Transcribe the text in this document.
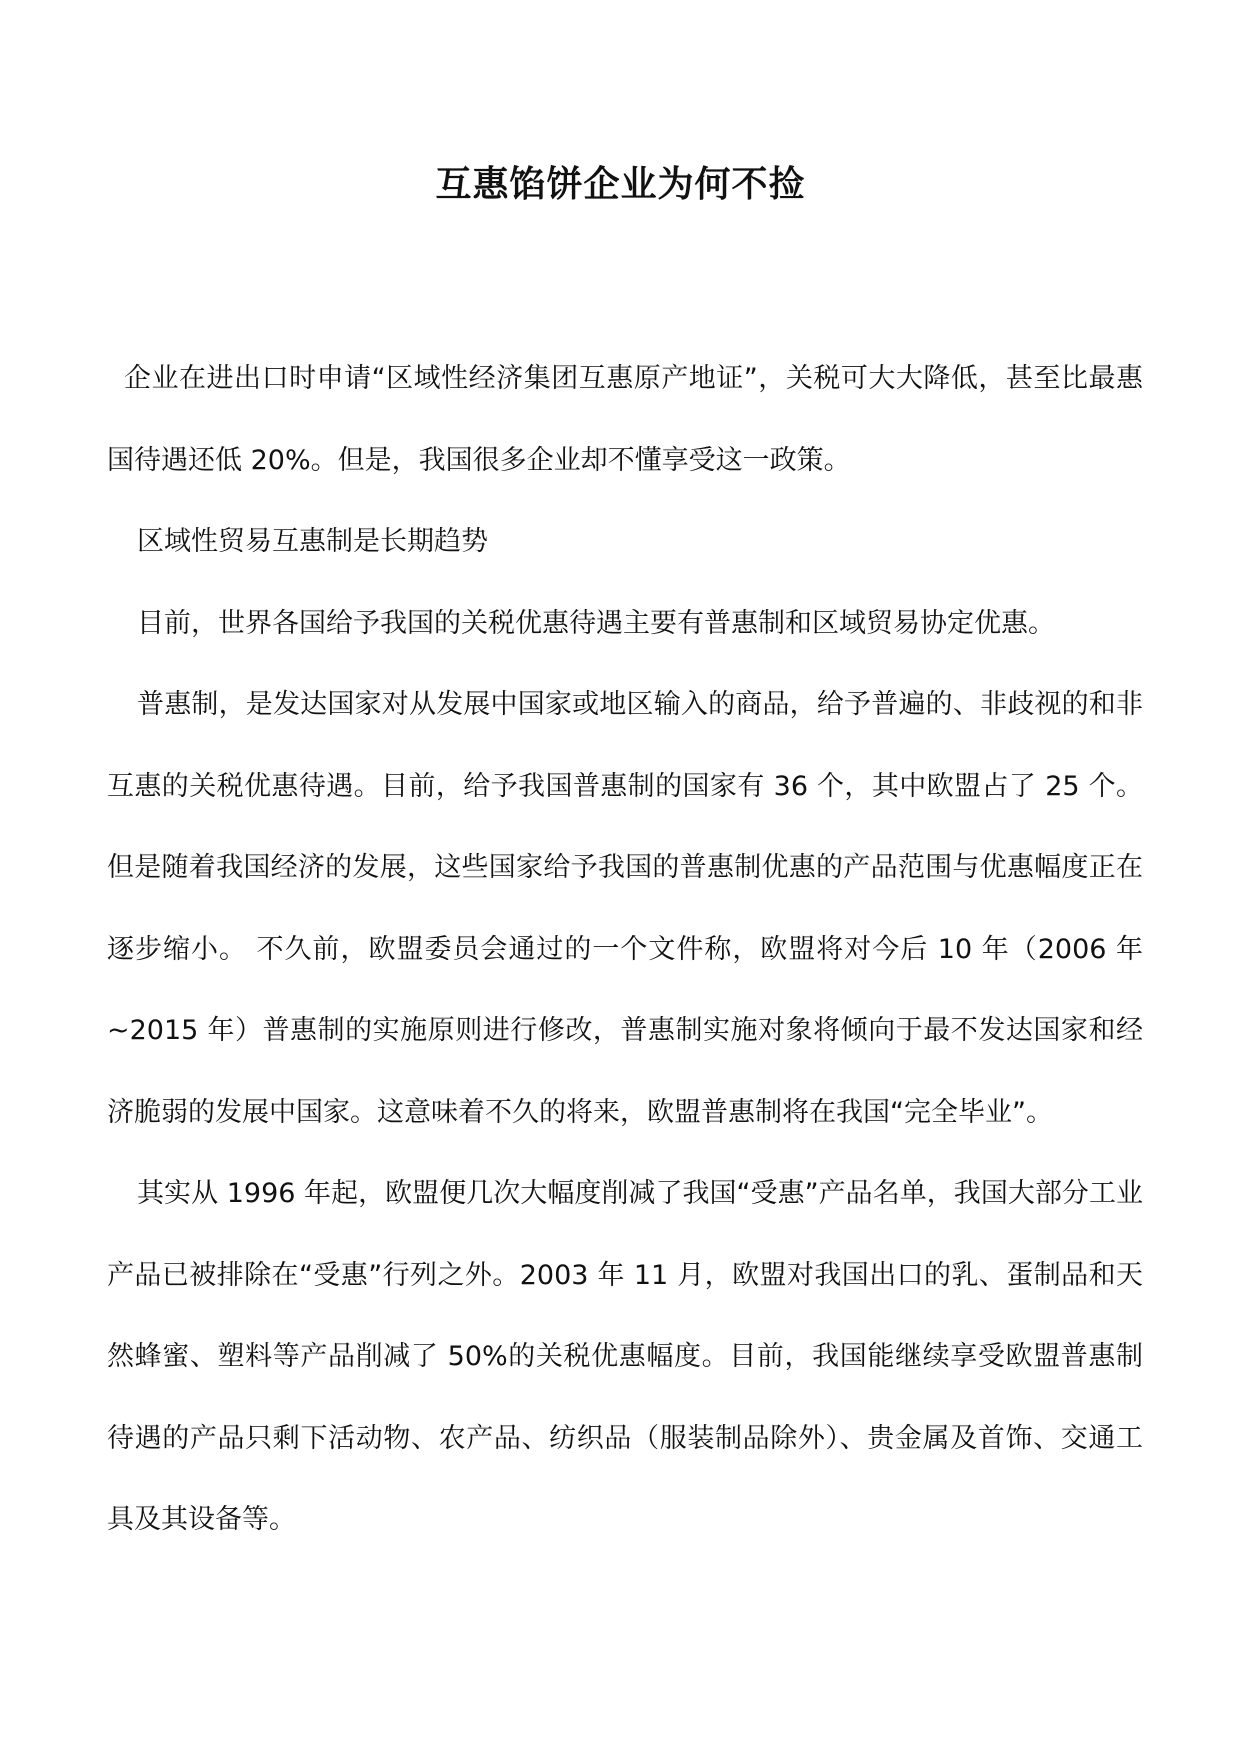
互惠馅饼企业为何不捡

企业在进出口时申请“区域性经济集团互惠原产地证”，关税可大大降低，甚至比最惠国待遇还低 20%。但是，我国很多企业却不懂享受这一政策。

区域性贸易互惠制是长期趋势

目前，世界各国给予我国的关税优惠待遇主要有普惠制和区域贸易协定优惠。

普惠制，是发达国家对从发展中国家或地区输入的商品，给予普遍的、非歧视的和非互惠的关税优惠待遇。目前，给予我国普惠制的国家有 36 个，其中欧盟占了 25 个。但是随着我国经济的发展，这些国家给予我国的普惠制优惠的产品范围与优惠幅度正在逐步缩小。 不久前，欧盟委员会通过的一个文件称，欧盟将对今后 10 年（2006 年~2015 年）普惠制的实施原则进行修改，普惠制实施对象将倾向于最不发达国家和经济脆弱的发展中国家。这意味着不久的将来，欧盟普惠制将在我国“完全毕业”。

其实从 1996 年起，欧盟便几次大幅度削减了我国“受惠”产品名单，我国大部分工业产品已被排除在“受惠”行列之外。2003 年 11 月，欧盟对我国出口的乳、蛋制品和天然蜂蜜、塑料等产品削减了 50%的关税优惠幅度。目前，我国能继续享受欧盟普惠制待遇的产品只剩下活动物、农产品、纺织品（服装制品除外）、贵金属及首饰、交通工具及其设备等。
